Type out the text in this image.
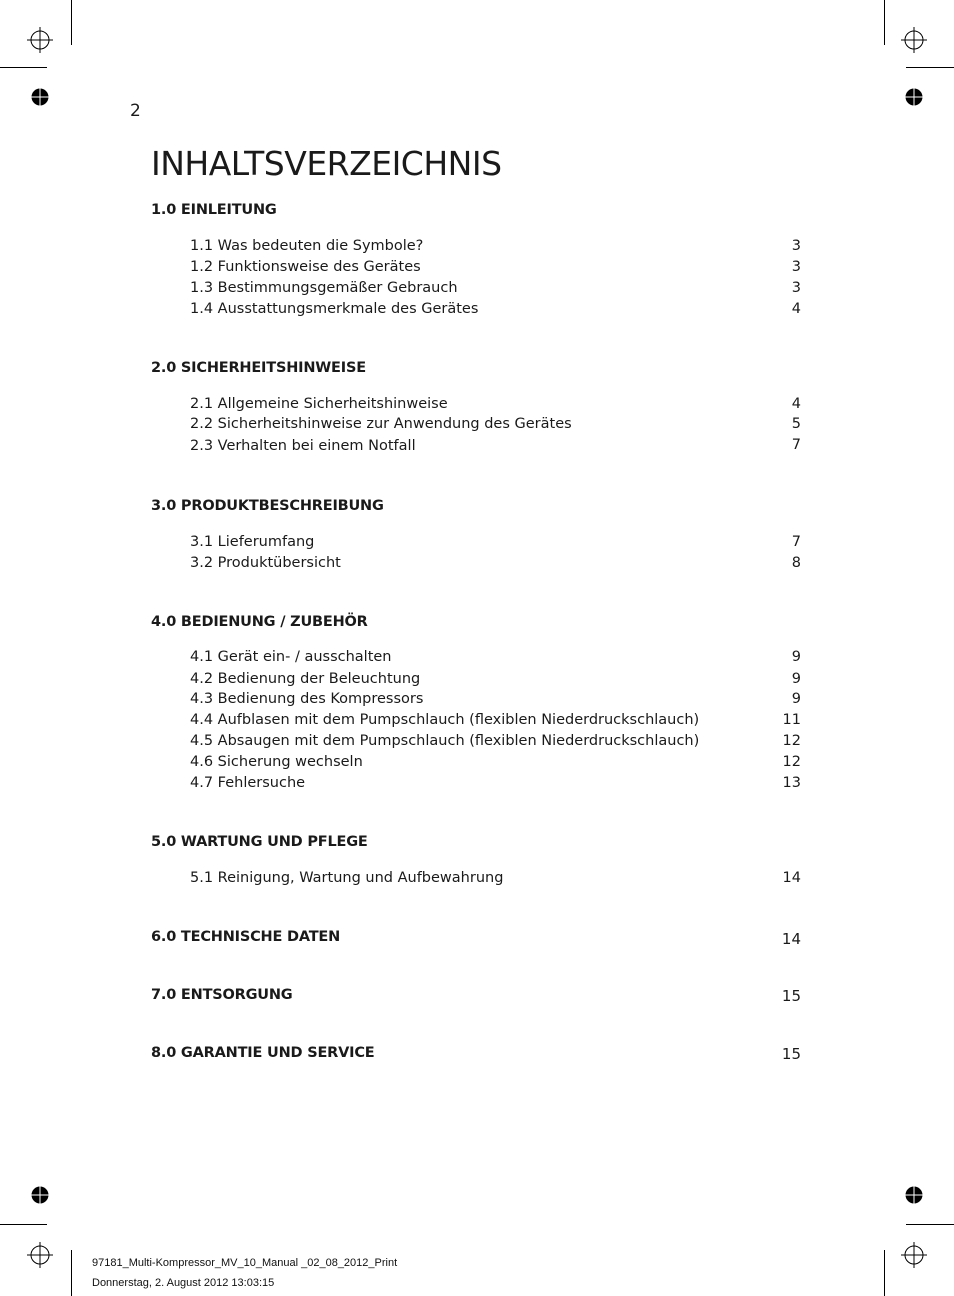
2
INHALTSVERZEICHNIS
1.0 EINLEITUNG
1.1 Was bedeuten die Symbole?	3
1.2 Funktionsweise des Gerätes	3
1.3 Bestimmungsgemäßer Gebrauch	3
1.4 Ausstattungsmerkmale des Gerätes	4
2.0 SICHERHEITSHINWEISE
2.1 Allgemeine Sicherheitshinweise	4
2.2 Sicherheitshinweise zur Anwendung des Gerätes	5
2.3 Verhalten bei einem Notfall	7
3.0 PRODUKTBESCHREIBUNG
3.1 Lieferumfang	7
3.2 Produktübersicht	8
4.0 BEDIENUNG / ZUBEHÖR
4.1 Gerät ein- / ausschalten	9
4.2 Bedienung der Beleuchtung	9
4.3 Bedienung des Kompressors	9
4.4 Aufblasen mit dem Pumpschlauch (flexiblen Niederdruckschlauch)	11
4.5 Absaugen mit dem Pumpschlauch (flexiblen Niederdruckschlauch)	12
4.6 Sicherung wechseln	12
4.7 Fehlersuche	13
5.0 WARTUNG UND PFLEGE
5.1 Reinigung, Wartung und Aufbewahrung	14
6.0 TECHNISCHE DATEN	14
7.0 ENTSORGUNG	15
8.0 GARANTIE UND SERVICE	15
97181_Multi-Kompressor_MV_10_Manual _02_08_2012_Print
Donnerstag, 2. August 2012 13:03:15
